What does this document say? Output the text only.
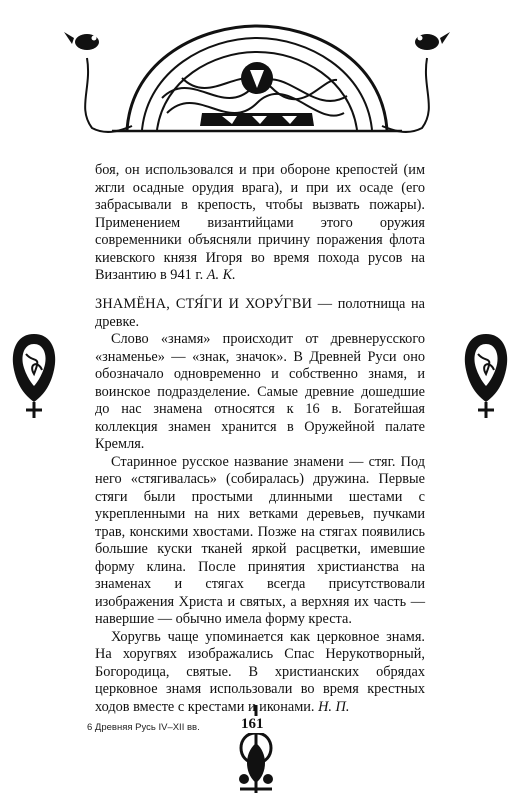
боя, он использовался и при обороне крепостей (им жгли осадные орудия врага), и при их осаде (его забрасывали в крепость, чтобы вызвать пожары). Применением византийцами этого оружия современники объясняли причину поражения флота киевского князя Игоря во время похода русов на Византию в 941 г. А. К.

ЗНАМЁНА, СТЯ́ГИ И ХОРУ́ГВИ — полотнища на древке.

Слово «знамя» происходит от древнерусского «знаменье» — «знак, значок». В Древней Руси оно обозначало одновременно и собственно знамя, и воинское подразделение. Самые древние дошедшие до нас знамена относятся к 16 в. Богатейшая коллекция знамен хранится в Оружейной палате Кремля.

Старинное русское название знамени — стяг. Под него «стягивалась» (собиралась) дружина. Первые стяги были простыми длинными шестами с укрепленными на них ветками деревьев, пучками трав, конскими хвостами. Позже на стягах появились большие куски тканей яркой расцветки, имевшие форму клина. После принятия христианства на знаменах и стягах всегда присутствовали изображения Христа и святых, а верхняя их часть — навершие — обычно имела форму креста.

Хоругвь чаще упоминается как церковное знамя. На хоругвях изображались Спас Нерукотворный, Богородица, святые. В христианских обрядах церковное знамя использовали во время крестных ходов вместе с крестами и иконами. Н. П.

6 Древняя Русь IV–XII вв.	161
